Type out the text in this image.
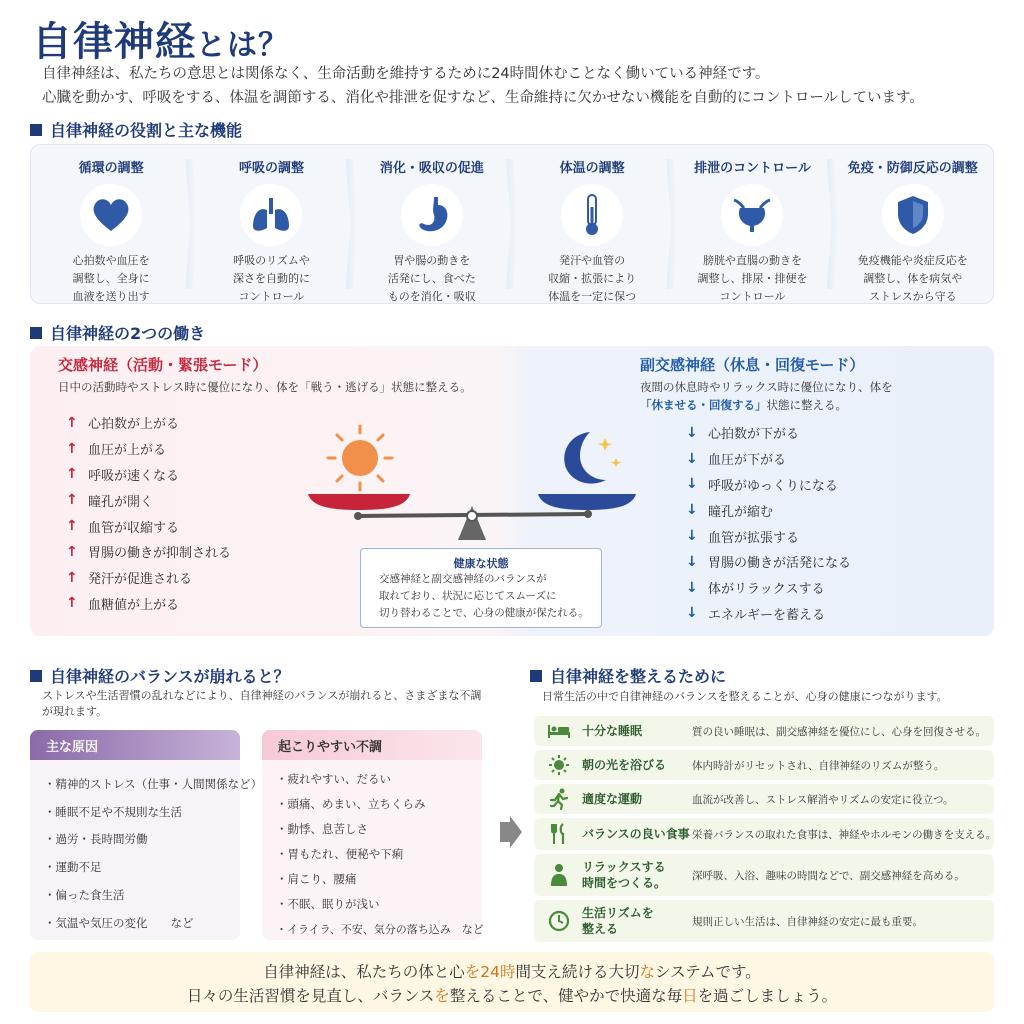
自律神経とは？
自律神経は、私たちの意思とは関係なく、生命活動を維持するために24時間休むことなく働いている神経です。
心臓を動かす、呼吸をする、体温を調節する、消化や排泄を促すなど、生命維持に欠かせない機能を自動的にコントロールしています。
自律神経の役割と主な機能
循環の調整
心拍数や血圧を
調整し、全身に
血液を送り出す
呼吸の調整
呼吸のリズムや
深さを自動的に
コントロール
消化・吸収の促進
胃や腸の動きを
活発にし、食べた
ものを消化・吸収
体温の調整
発汗や血管の
収縮・拡張により
体温を一定に保つ
排泄のコントロール
膀胱や直腸の動きを
調整し、排尿・排便を
コントロール
免疫・防御反応の調整
免疫機能や炎症反応を
調整し、体を病気や
ストレスから守る
自律神経の2つの働き
交感神経（活動・緊張モード）
日中の活動時やストレス時に優位になり、体を「戦う・逃げる」状態に整える。
↑ 心拍数が上がる
↑ 血圧が上がる
↑ 呼吸が速くなる
↑ 瞳孔が開く
↑ 血管が収縮する
↑ 胃腸の働きが抑制される
↑ 発汗が促進される
↑ 血糖値が上がる
副交感神経（休息・回復モード）
夜間の休息時やリラックス時に優位になり、体を
「休ませる・回復する」状態に整える。
↓ 心拍数が下がる
↓ 血圧が下がる
↓ 呼吸がゆっくりになる
↓ 瞳孔が縮む
↓ 血管が拡張する
↓ 胃腸の働きが活発になる
↓ 体がリラックスする
↓ エネルギーを蓄える
健康な状態
交感神経と副交感神経のバランスが
取れており、状況に応じてスムーズに
切り替わることで、心身の健康が保たれる。
自律神経のバランスが崩れると？
ストレスや生活習慣の乱れなどにより、自律神経のバランスが崩れると、さまざまな不調
が現れます。
主な原因
・精神的ストレス（仕事・人間関係など）
・睡眠不足や不規則な生活
・過労・長時間労働
・運動不足
・偏った食生活
・気温や気圧の変化　　など
起こりやすい不調
・疲れやすい、だるい
・頭痛、めまい、立ちくらみ
・動悸、息苦しさ
・胃もたれ、便秘や下痢
・肩こり、腰痛
・不眠、眠りが浅い
・イライラ、不安、気分の落ち込み　など
自律神経を整えるために
日常生活の中で自律神経のバランスを整えることが、心身の健康につながります。
十分な睡眠	質の良い睡眠は、副交感神経を優位にし、心身を回復させる。
朝の光を浴びる	体内時計がリセットされ、自律神経のリズムが整う。
適度な運動	血流が改善し、ストレス解消やリズムの安定に役立つ。
バランスの良い食事 栄養バランスの取れた食事は、神経やホルモンの働きを支える。
リラックスする
時間をつくる。
深呼吸、入浴、趣味の時間などで、副交感神経を高める。
生活リズムを
整える
規則正しい生活は、自律神経の安定に最も重要。
自律神経は、私たちの体と心を24時間支え続ける大切なシステムです。
日々の生活習慣を見直し、バランスを整えることで、健やかで快適な毎日を過ごしましょう。
